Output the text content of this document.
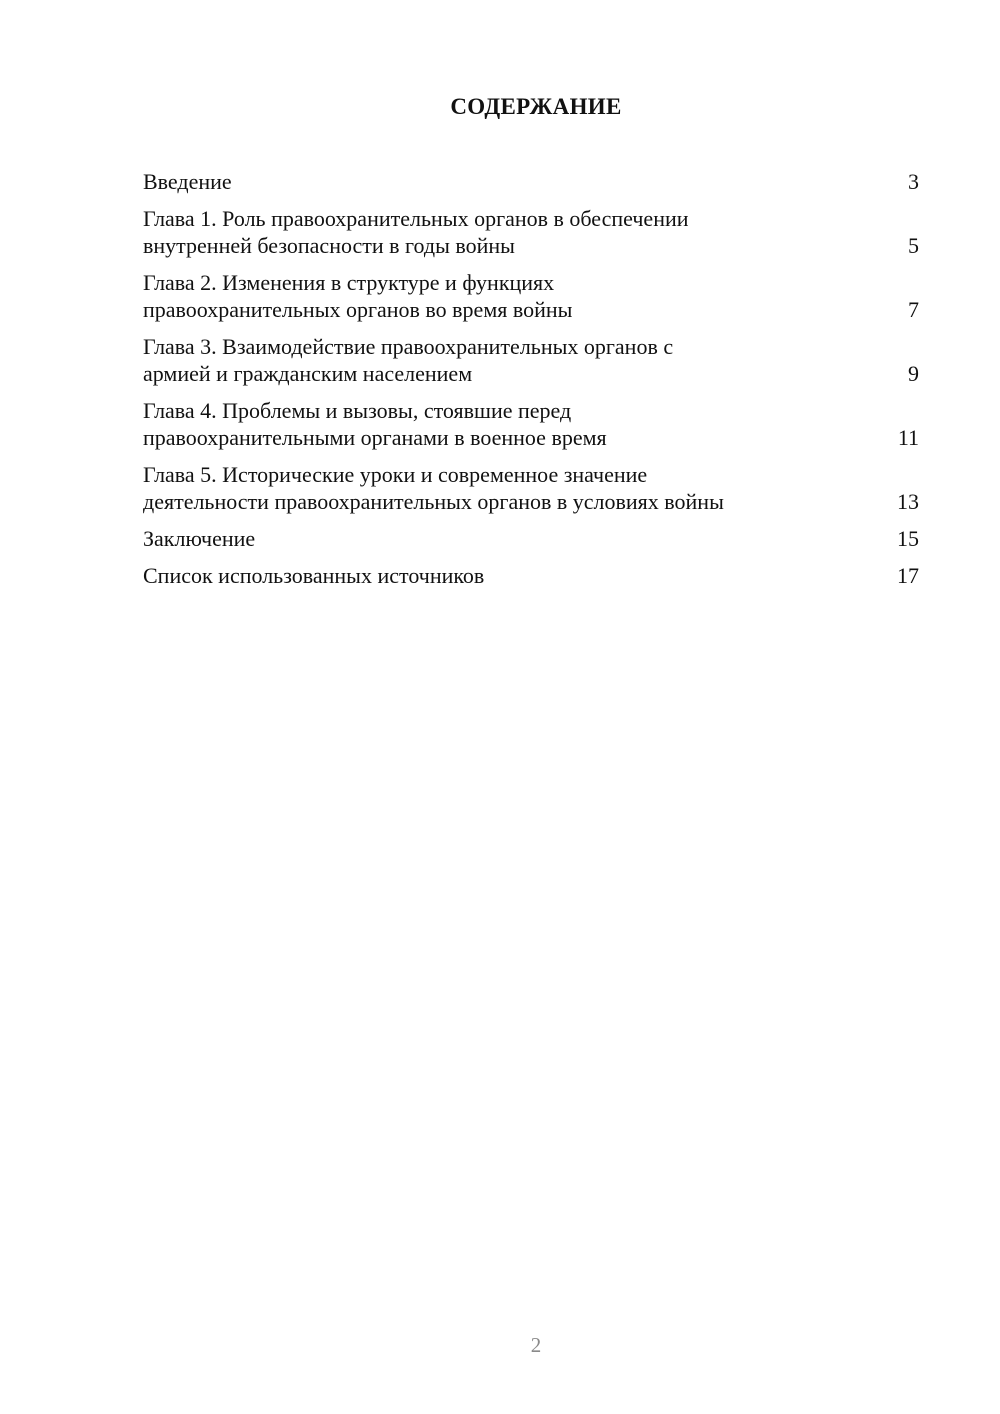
СОДЕРЖАНИЕ
Введение	3
Глава 1. Роль правоохранительных органов в обеспечении
внутренней безопасности в годы войны	5
Глава 2. Изменения в структуре и функциях
правоохранительных органов во время войны	7
Глава 3. Взаимодействие правоохранительных органов с
армией и гражданским населением	9
Глава 4. Проблемы и вызовы, стоявшие перед
правоохранительными органами в военное время	11
Глава 5. Исторические уроки и современное значение
деятельности правоохранительных органов в условиях войны	13
Заключение	15
Список использованных источников	17
2
